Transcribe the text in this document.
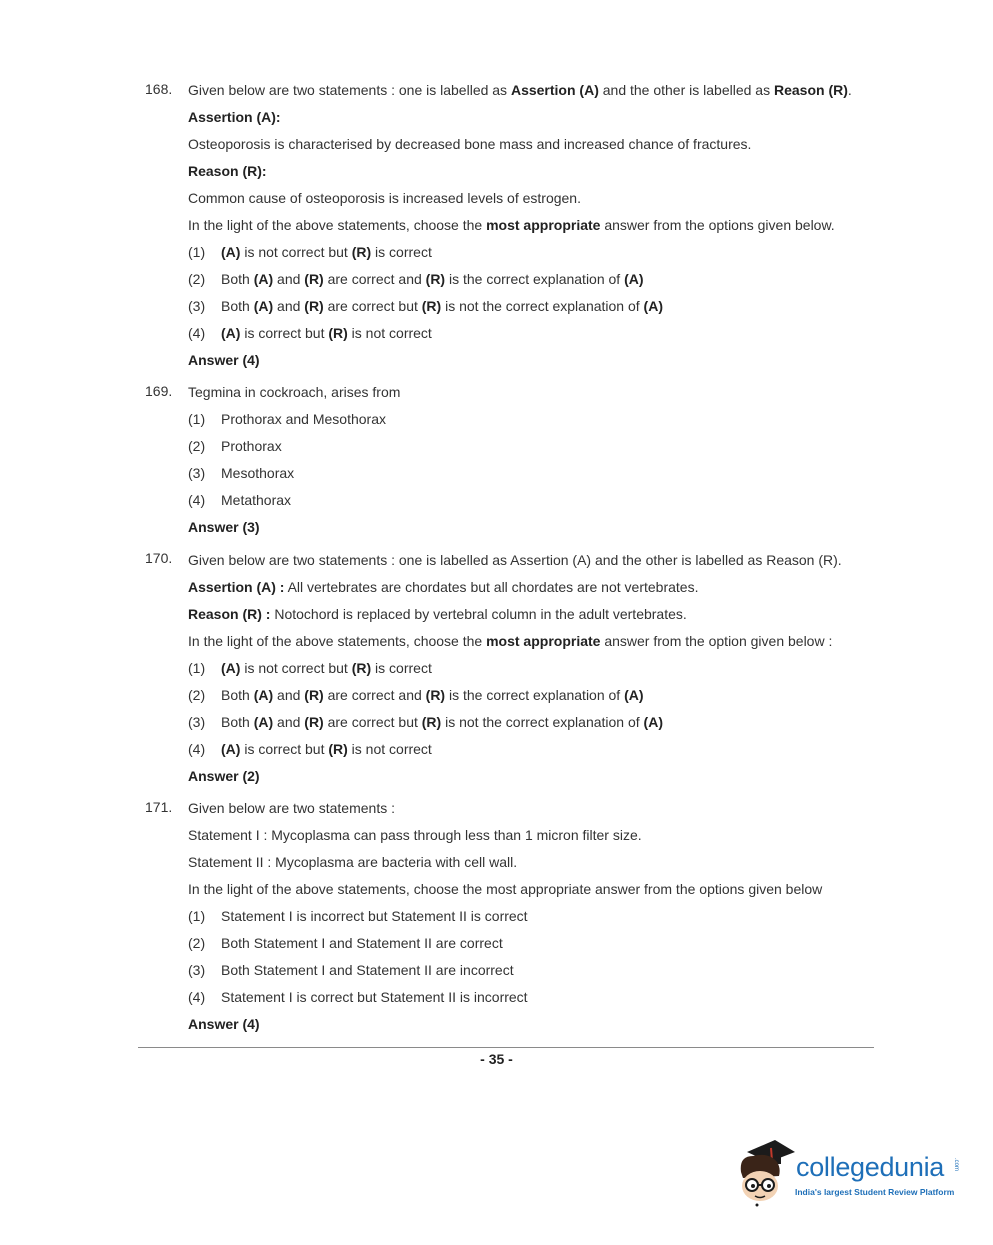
168. Given below are two statements : one is labelled as Assertion (A) and the other is labelled as Reason (R).
Assertion (A):
Osteoporosis is characterised by decreased bone mass and increased chance of fractures.
Reason (R):
Common cause of osteoporosis is increased levels of estrogen.
In the light of the above statements, choose the most appropriate answer from the options given below.
(1) (A) is not correct but (R) is correct
(2) Both (A) and (R) are correct and (R) is the correct explanation of (A)
(3) Both (A) and (R) are correct but (R) is not the correct explanation of (A)
(4) (A) is correct but (R) is not correct
Answer (4)
169. Tegmina in cockroach, arises from
(1) Prothorax and Mesothorax
(2) Prothorax
(3) Mesothorax
(4) Metathorax
Answer (3)
170. Given below are two statements : one is labelled as Assertion (A) and the other is labelled as Reason (R).
Assertion (A) : All vertebrates are chordates but all chordates are not vertebrates.
Reason (R) : Notochord is replaced by vertebral column in the adult vertebrates.
In the light of the above statements, choose the most appropriate answer from the option given below :
(1) (A) is not correct but (R) is correct
(2) Both (A) and (R) are correct and (R) is the correct explanation of (A)
(3) Both (A) and (R) are correct but (R) is not the correct explanation of (A)
(4) (A) is correct but (R) is not correct
Answer (2)
171. Given below are two statements :
Statement I : Mycoplasma can pass through less than 1 micron filter size.
Statement II : Mycoplasma are bacteria with cell wall.
In the light of the above statements, choose the most appropriate answer from the options given below
(1) Statement I is incorrect but Statement II is correct
(2) Both Statement I and Statement II are correct
(3) Both Statement I and Statement II are incorrect
(4) Statement I is correct but Statement II is incorrect
Answer (4)
- 35 -
collegedunia .com
India's largest Student Review Platform
